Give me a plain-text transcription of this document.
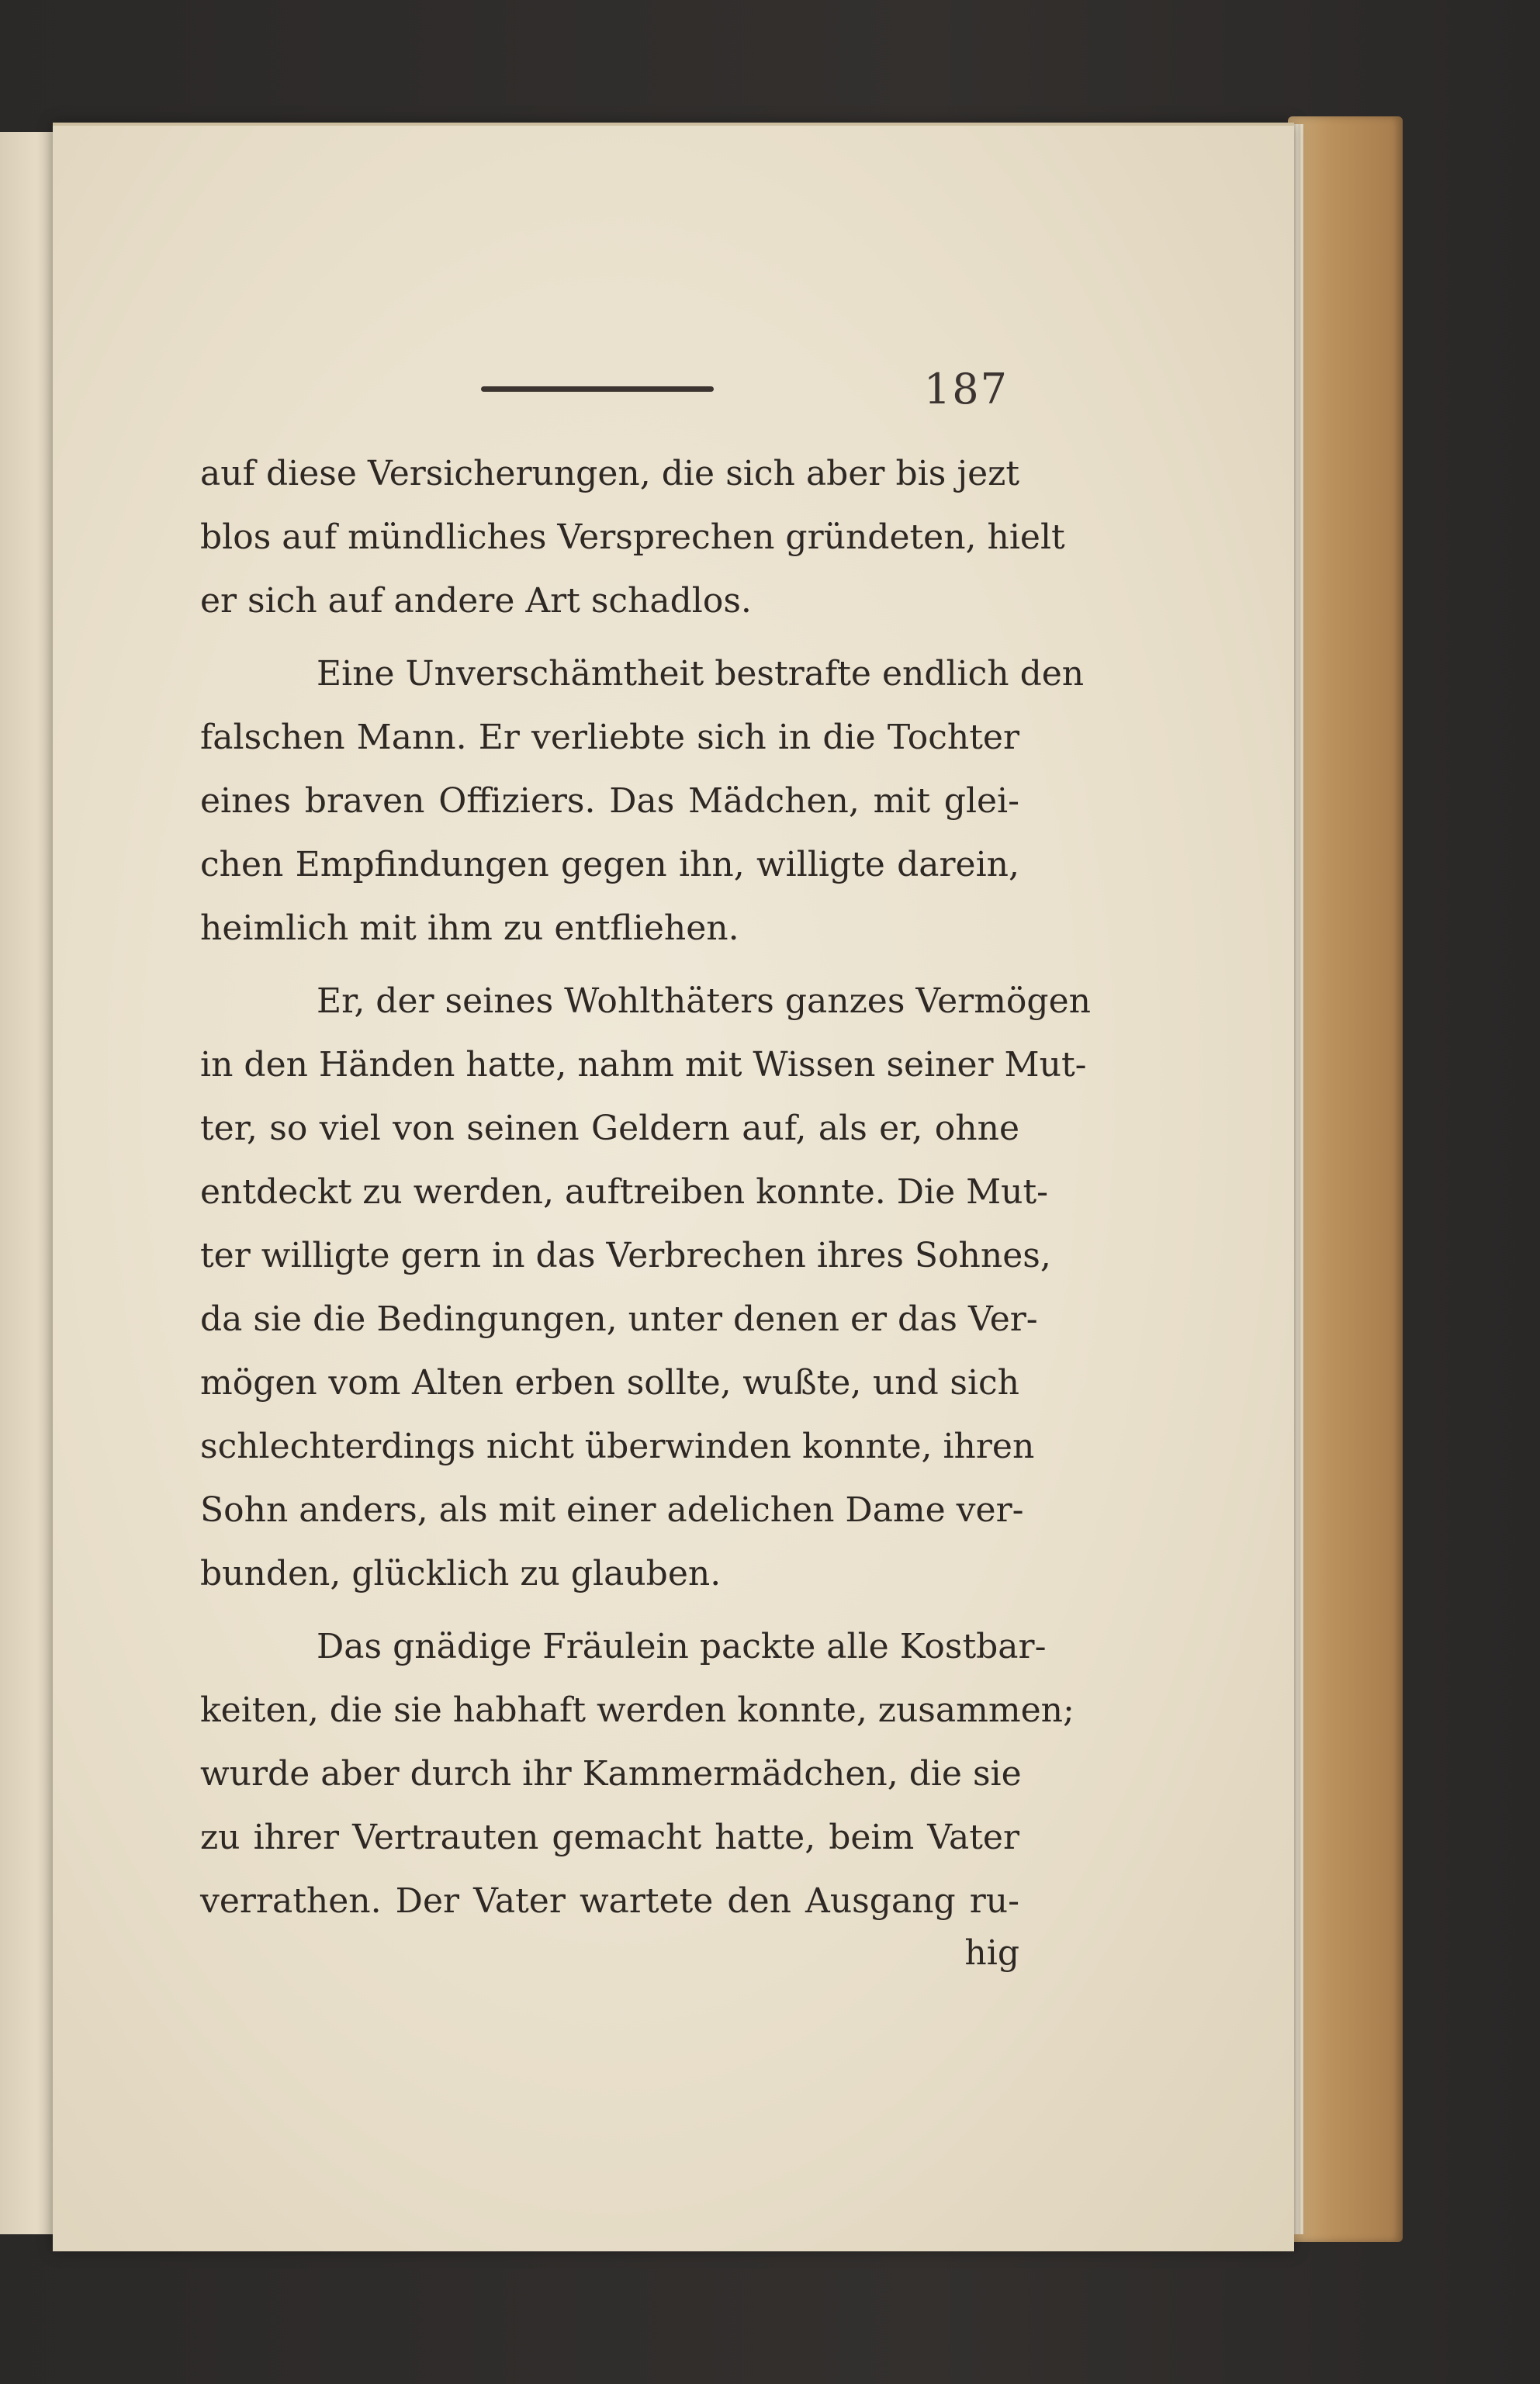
187
auf diese Versicherungen, die sich aber bis jezt
blos auf mündliches Versprechen gründeten, hielt
er sich auf andere Art schadlos.
Eine Unverschämtheit bestrafte endlich den
falschen Mann. Er verliebte sich in die Tochter
eines braven Offiziers. Das Mädchen, mit glei-
chen Empfindungen gegen ihn, willigte darein,
heimlich mit ihm zu entfliehen.
Er, der seines Wohlthäters ganzes Vermögen
in den Händen hatte, nahm mit Wissen seiner Mut-
ter, so viel von seinen Geldern auf, als er, ohne
entdeckt zu werden, auftreiben konnte. Die Mut-
ter willigte gern in das Verbrechen ihres Sohnes,
da sie die Bedingungen, unter denen er das Ver-
mögen vom Alten erben sollte, wußte, und sich
schlechterdings nicht überwinden konnte, ihren
Sohn anders, als mit einer adelichen Dame ver-
bunden, glücklich zu glauben.
Das gnädige Fräulein packte alle Kostbar-
keiten, die sie habhaft werden konnte, zusammen;
wurde aber durch ihr Kammermädchen, die sie
zu ihrer Vertrauten gemacht hatte, beim Vater
verrathen. Der Vater wartete den Ausgang ru-
hig
